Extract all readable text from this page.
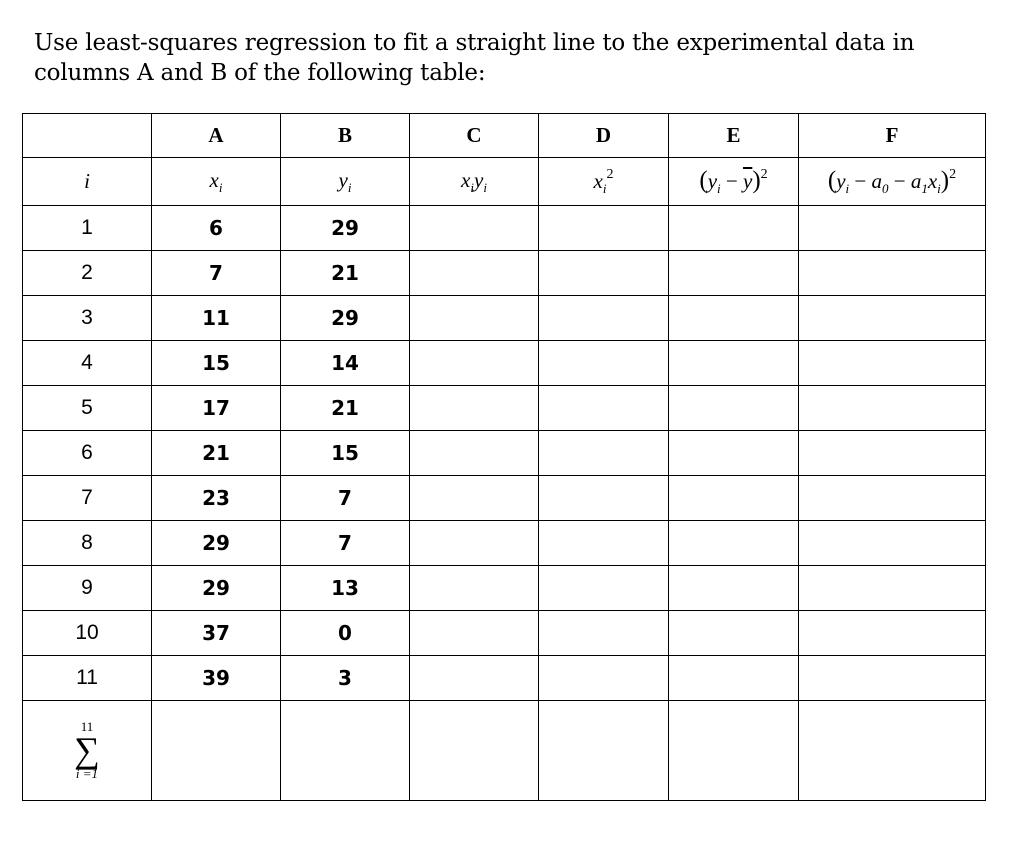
Use least-squares regression to fit a straight line to the experimental data in columns A and B of the following table:
	A	B	C	D	E	F
i	$x_i$	$y_i$	$x_iy_i$	$x_i^2$	$(y_i - \overline{y})^2$	$(y_i - a_0 - a_1x_i)^2$
1	6	29				
2	7	21				
3	11	29				
4	15	14				
5	17	21				
6	21	15				
7	23	7				
8	29	7				
9	29	13				
10	37	0				
11	39	3				

11
∑
i =1						
